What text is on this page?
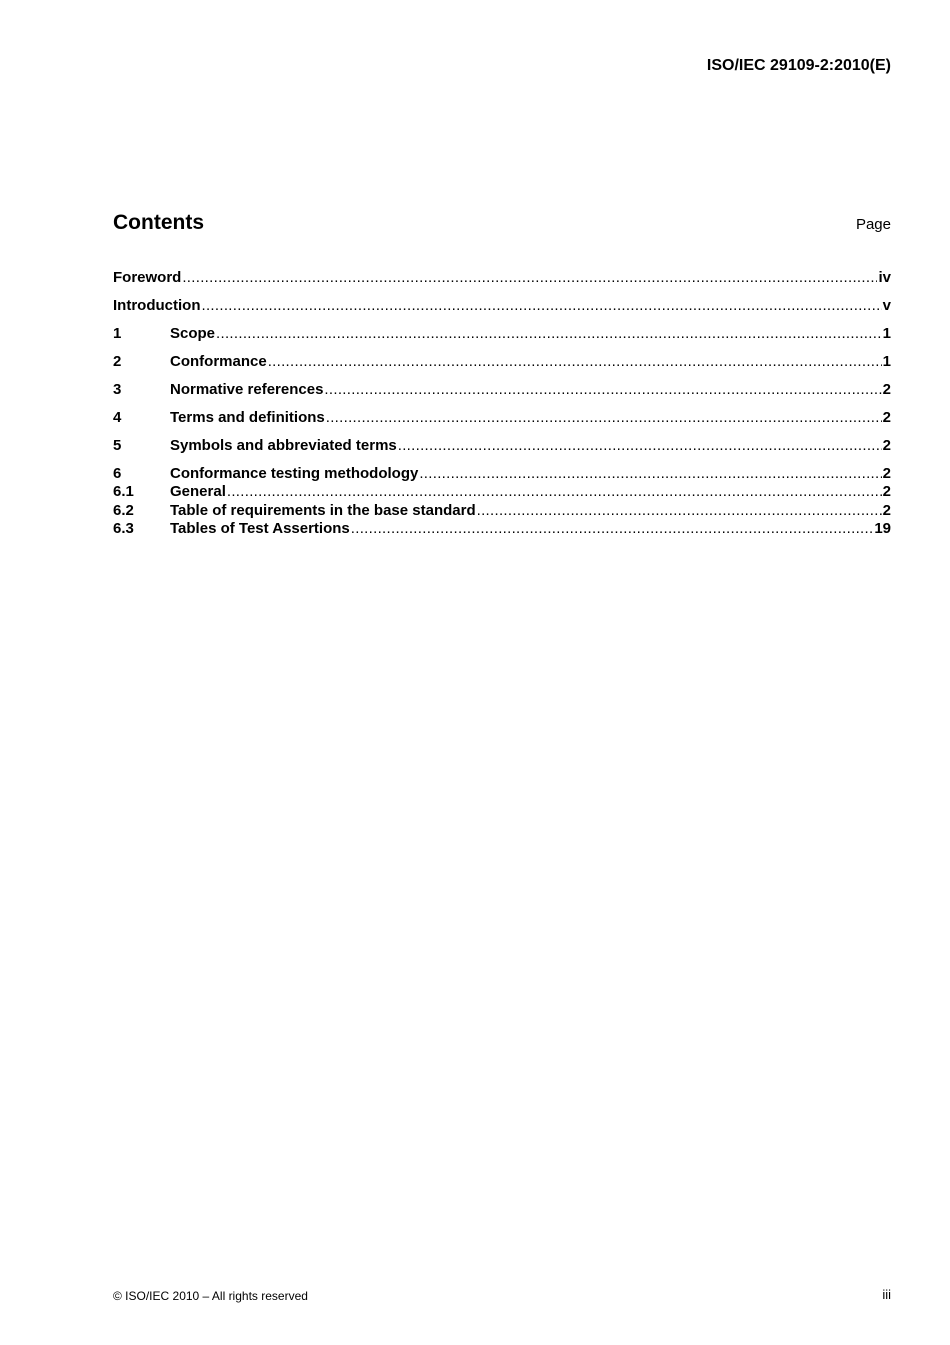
ISO/IEC 29109-2:2010(E)
Contents	Page
Foreword .....	iv
Introduction .....	v
1	Scope .....	1
2	Conformance .....	1
3	Normative references .....	2
4	Terms and definitions .....	2
5	Symbols and abbreviated terms .....	2
6	Conformance testing methodology .....	2
6.1	General .....	2
6.2	Table of requirements in the base standard .....	2
6.3	Tables of Test Assertions .....	19
© ISO/IEC 2010 – All rights reserved	iii
